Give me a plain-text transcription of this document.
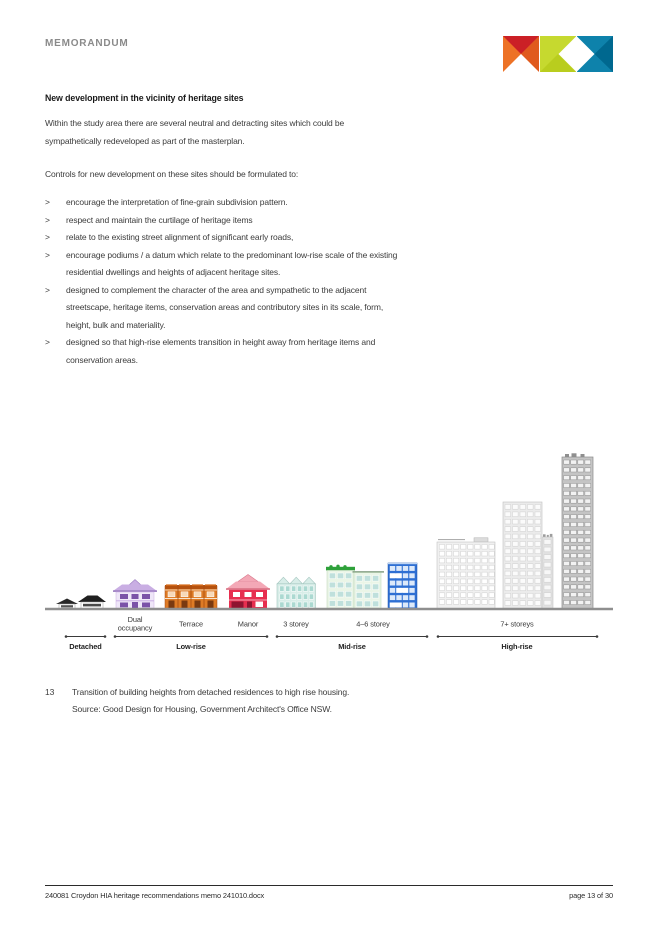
MEMORANDUM
New development in the vicinity of heritage sites
Within the study area there are several neutral and detracting sites which could be
sympathetically redeveloped as part of the masterplan.
Controls for new development on these sites should be formulated to:
>	encourage the interpretation of fine-grain subdivision pattern.
>	respect and maintain the curtilage of heritage items
>	relate to the existing street alignment of significant early roads,
>	encourage podiums / a datum which relate to the predominant low-rise scale of the existing
residential dwellings and heights of adjacent heritage sites.
>	designed to complement the character of the area and sympathetic to the adjacent
streetscape, heritage items, conservation areas and contributory sites in its scale, form,
height, bulk and materiality.
>	designed so that high-rise elements transition in height away from heritage items and
conservation areas.
Dual
occupancy	Terrace	Manor	3 storey	4–6 storey	7+ storeys
Detached	Low-rise	Mid-rise	High-rise
13	Transition of building heights from detached residences to high rise housing.
Source: Good Design for Housing, Government Architect's Office NSW.
240081 Croydon HIA heritage recommendations memo 241010.docx	page 13 of 30
